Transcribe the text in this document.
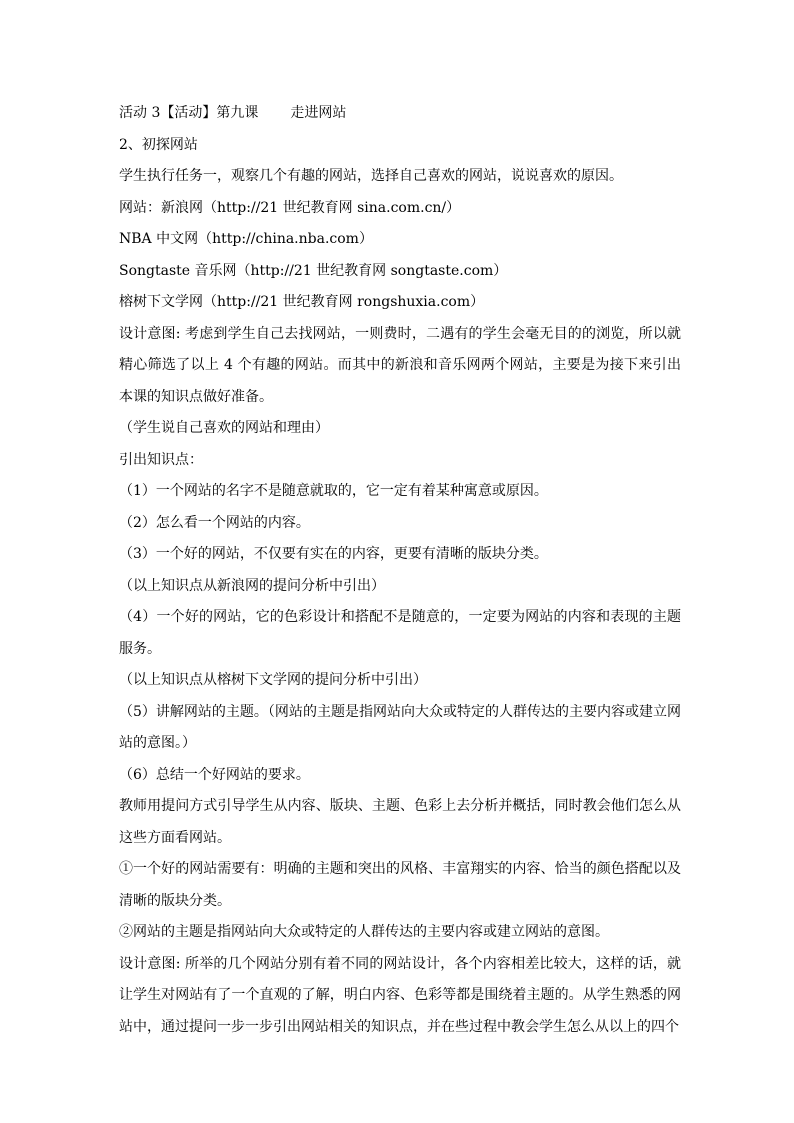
活动 3【活动】第九课 走进网站

2、初探网站

学生执行任务一，观察几个有趣的网站，选择自己喜欢的网站，说说喜欢的原因。

网站：新浪网（http://21 世纪教育网 sina.com.cn/）

NBA 中文网（http://china.nba.com）

Songtaste 音乐网（http://21 世纪教育网 songtaste.com）

榕树下文学网（http://21 世纪教育网 rongshuxia.com）

设计意图: 考虑到学生自己去找网站，一则费时，二遇有的学生会毫无目的的浏览，所以就精心筛选了以上 4 个有趣的网站。而其中的新浪和音乐网两个网站，主要是为接下来引出本课的知识点做好准备。

（学生说自己喜欢的网站和理由）

引出知识点：

（1）一个网站的名字不是随意就取的，它一定有着某种寓意或原因。

（2）怎么看一个网站的内容。

（3）一个好的网站，不仅要有实在的内容，更要有清晰的版块分类。

（以上知识点从新浪网的提问分析中引出）

（4）一个好的网站，它的色彩设计和搭配不是随意的，一定要为网站的内容和表现的主题服务。

（以上知识点从榕树下文学网的提问分析中引出）

（5）讲解网站的主题。（网站的主题是指网站向大众或特定的人群传达的主要内容或建立网站的意图。）

（6）总结一个好网站的要求。

教师用提问方式引导学生从内容、版块、主题、色彩上去分析并概括，同时教会他们怎么从这些方面看网站。

①一个好的网站需要有：明确的主题和突出的风格、丰富翔实的内容、恰当的颜色搭配以及清晰的版块分类。

②网站的主题是指网站向大众或特定的人群传达的主要内容或建立网站的意图。

设计意图: 所举的几个网站分别有着不同的网站设计，各个内容相差比较大，这样的话，就让学生对网站有了一个直观的了解，明白内容、色彩等都是围绕着主题的。从学生熟悉的网站中，通过提问一步一步引出网站相关的知识点，并在些过程中教会学生怎么从以上的四个
